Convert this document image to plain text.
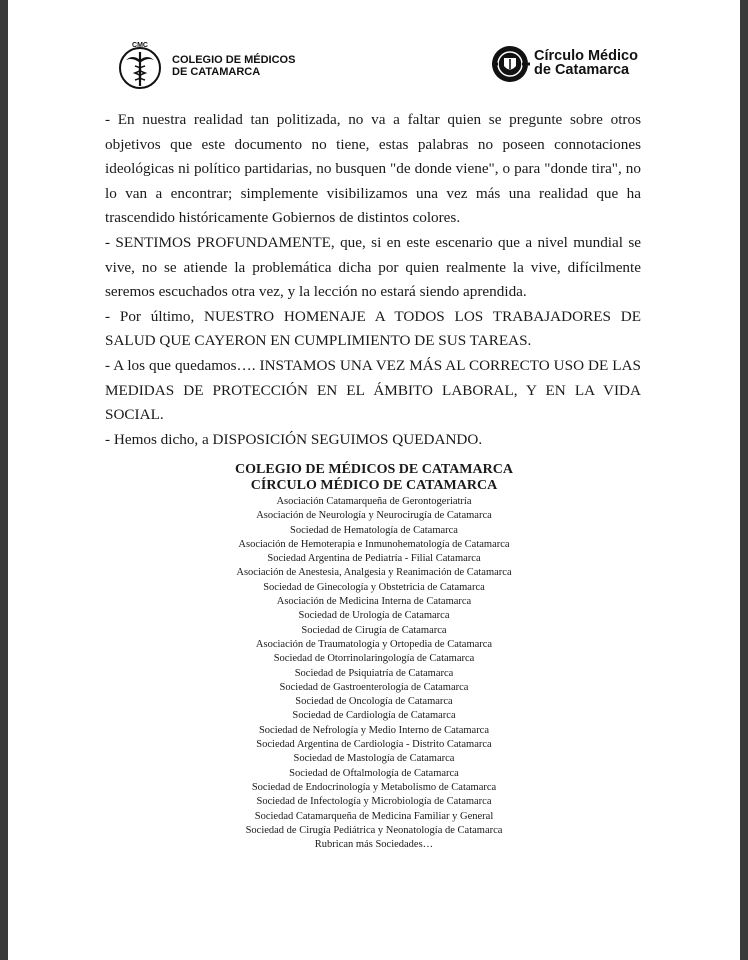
CMC
COLEGIO DE MÉDICOS
DE CATAMARCA
Círculo Médico
de Catamarca

- En nuestra realidad tan politizada, no va a faltar quien se pregunte sobre otros objetivos que este documento no tiene, estas palabras no poseen connotaciones ideológicas ni político partidarias, no busquen "de donde viene", o para "donde tira", no lo van a encontrar; simplemente visibilizamos una vez más una realidad que ha trascendido históricamente Gobiernos de distintos colores.

- SENTIMOS PROFUNDAMENTE, que, si en este escenario que a nivel mundial se vive, no se atiende la problemática dicha por quien realmente la vive, difícilmente seremos escuchados otra vez, y la lección no estará siendo aprendida.

- Por último, NUESTRO HOMENAJE A TODOS LOS TRABAJADORES DE SALUD QUE CAYERON EN CUMPLIMIENTO DE SUS TAREAS.

- A los que quedamos…. INSTAMOS UNA VEZ MÁS AL CORRECTO USO DE LAS MEDIDAS DE PROTECCIÓN EN EL ÁMBITO LABORAL, Y EN LA VIDA SOCIAL.

- Hemos dicho, a DISPOSICIÓN SEGUIMOS QUEDANDO.

COLEGIO DE MÉDICOS DE CATAMARCA
CÍRCULO MÉDICO DE CATAMARCA
Asociación Catamarqueña de Gerontogeriatría
Asociación de Neurología y Neurocirugía de Catamarca
Sociedad de Hematología de Catamarca
Asociación de Hemoterapia e Inmunohematología de Catamarca
Sociedad Argentina de Pediatría - Filial Catamarca
Asociación de Anestesia, Analgesia y Reanimación de Catamarca
Sociedad de Ginecología y Obstetricia de Catamarca
Asociación de Medicina Interna de Catamarca
Sociedad de Urología de Catamarca
Sociedad de Cirugía de Catamarca
Asociación de Traumatología y Ortopedia de Catamarca
Sociedad de Otorrinolaringología de Catamarca
Sociedad de Psiquiatría de Catamarca
Sociedad de Gastroenterología de Catamarca
Sociedad de Oncología de Catamarca
Sociedad de Cardiología de Catamarca
Sociedad de Nefrología y Medio Interno de Catamarca
Sociedad Argentina de Cardiología - Distrito Catamarca
Sociedad de Mastología de Catamarca
Sociedad de Oftalmología de Catamarca
Sociedad de Endocrinología y Metabolismo de Catamarca
Sociedad de Infectología y Microbiología de Catamarca
Sociedad Catamarqueña de Medicina Familiar y General
Sociedad de Cirugía Pediátrica y Neonatología de Catamarca
Rubrican más Sociedades…
